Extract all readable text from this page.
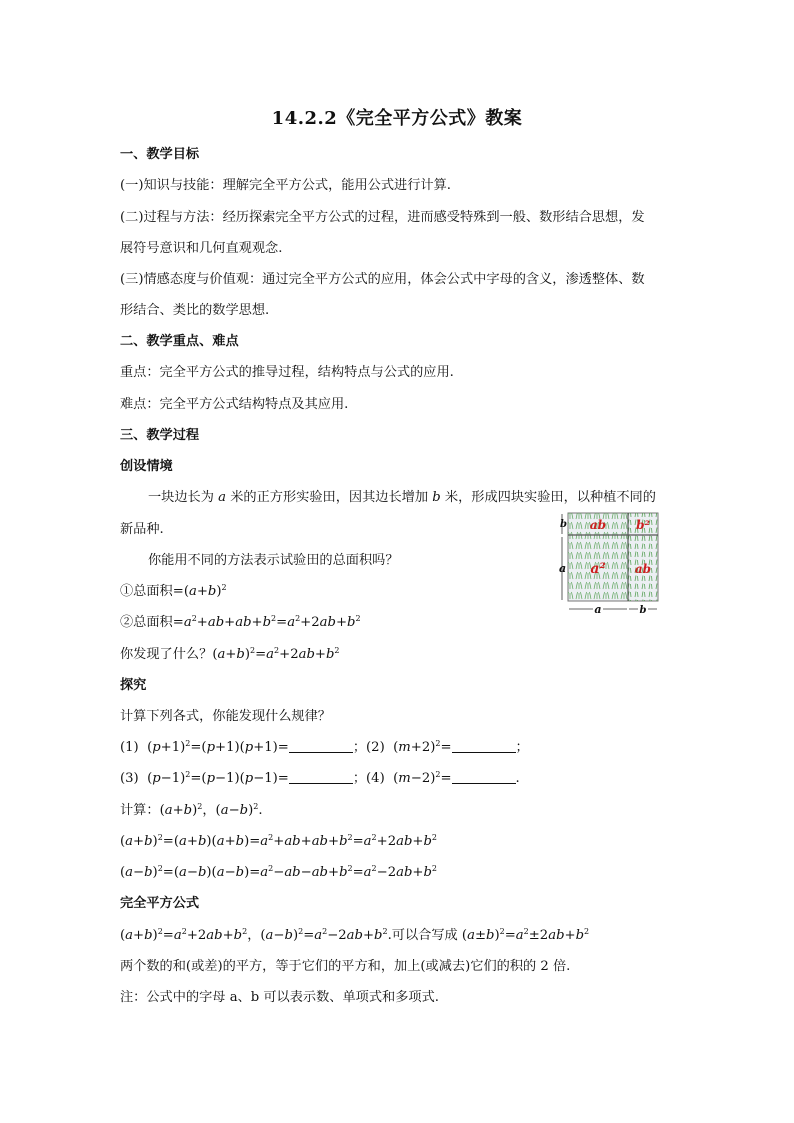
14.2.2《完全平方公式》教案
一、教学目标
(一)知识与技能：理解完全平方公式，能用公式进行计算.
(二)过程与方法：经历探索完全平方公式的过程，进而感受特殊到一般、数形结合思想，发
展符号意识和几何直观观念.
(三)情感态度与价值观：通过完全平方公式的应用，体会公式中字母的含义，渗透整体、数
形结合、类比的数学思想.
二、教学重点、难点
重点：完全平方公式的推导过程，结构特点与公式的应用.
难点：完全平方公式结构特点及其应用.
三、教学过程
创设情境
一块边长为 a 米的正方形实验田，因其边长增加 b 米，形成四块实验田，以种植不同的
新品种.
你能用不同的方法表示试验田的总面积吗？
①总面积$=(a+b)^2$
②总面积$=a^2+ab+ab+b^2=a^2+2ab+b^2$
你发现了什么？$(a+b)^2=a^2+2ab+b^2$
探究
计算下列各式，你能发现什么规律？
(1)  $(p+1)^2=(p+1)(p+1)=$	；(2)  $(m+2)^2=$	；
(3)  $(p-1)^2=(p-1)(p-1)=$	；(4)  $(m-2)^2=$	.
计算：$(a+b)^2$，$(a-b)^2$.
$(a+b)^2=(a+b)(a+b)=a^2+ab+ab+b^2=a^2+2ab+b^2$
$(a-b)^2=(a-b)(a-b)=a^2-ab-ab+b^2=a^2-2ab+b^2$
完全平方公式
$(a+b)^2=a^2+2ab+b^2$，$(a-b)^2=a^2-2ab+b^2$.可以合写成 $(a\pm b)^2=a^2\pm 2ab+b^2$
两个数的和(或差)的平方，等于它们的平方和，加上(或减去)它们的积的 2 倍.
注：公式中的字母 a、b 可以表示数、单项式和多项式.
ab	b²
a² ab
b
a
a	b
